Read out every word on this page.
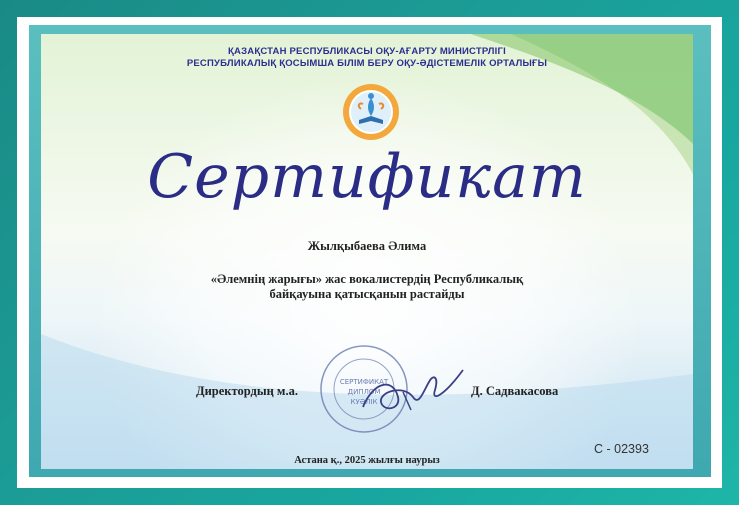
ҚАЗАҚСТАН РЕСПУБЛИКАСЫ ОҚУ-АҒАРТУ МИНИСТРЛІГІ
РЕСПУБЛИКАЛЫҚ ҚОСЫМША БІЛІМ БЕРУ ОҚУ-ӘДІСТЕМЕЛІК ОРТАЛЫҒЫ
Сертификат
Жылқыбаева Әлима
«Әлемнің жарығы» жас вокалистердің Республикалық
байқауына қатысқанын растайды
СЕРТИФИКАТ
ДИПЛОМ
КУӘЛІК
Директордың м.а.	Д. Садвакасова
С - 02393
Астана қ., 2025 жылғы наурыз
